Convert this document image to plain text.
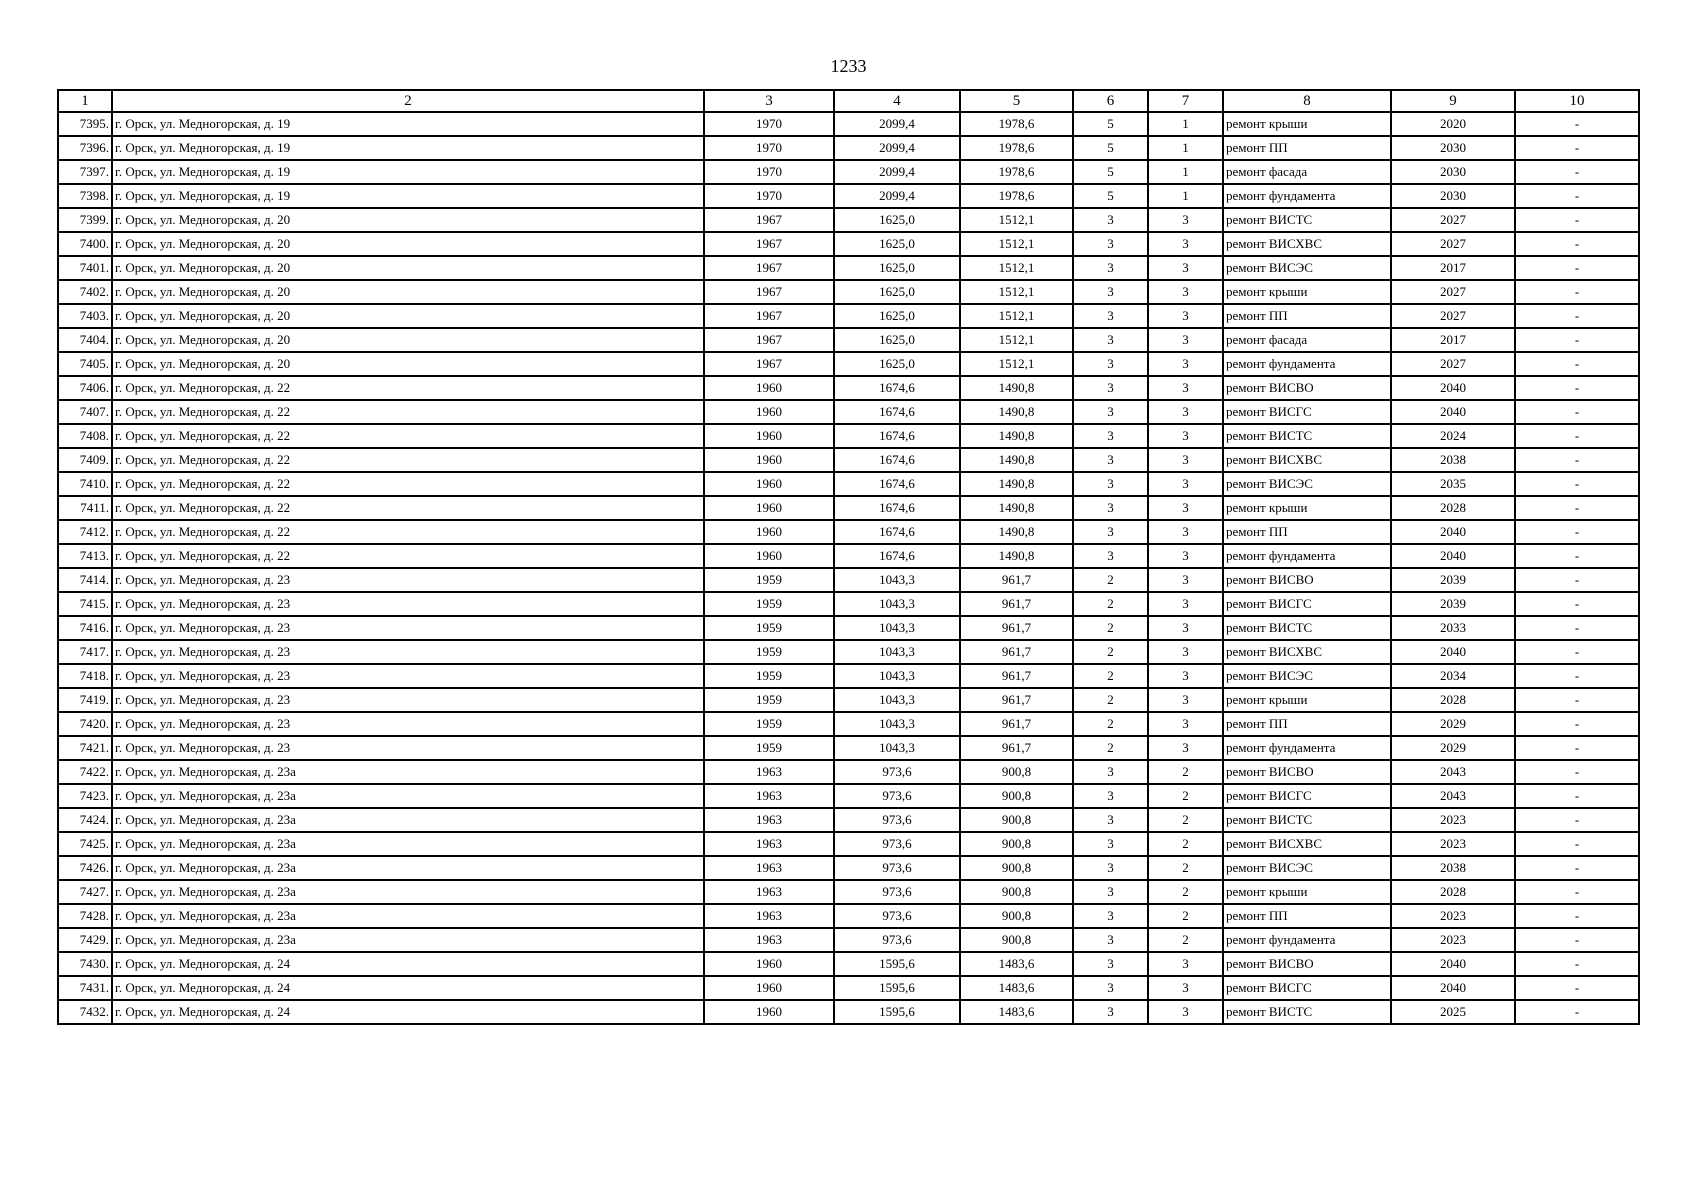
1233
1	2	3	4	5	6	7	8	9	10
7395.	г. Орск, ул. Медногорская, д. 19	1970	2099,4	1978,6	5	1	ремонт крыши	2020	-
7396.	г. Орск, ул. Медногорская, д. 19	1970	2099,4	1978,6	5	1	ремонт ПП	2030	-
7397.	г. Орск, ул. Медногорская, д. 19	1970	2099,4	1978,6	5	1	ремонт фасада	2030	-
7398.	г. Орск, ул. Медногорская, д. 19	1970	2099,4	1978,6	5	1	ремонт фундамента	2030	-
7399.	г. Орск, ул. Медногорская, д. 20	1967	1625,0	1512,1	3	3	ремонт ВИСТС	2027	-
7400.	г. Орск, ул. Медногорская, д. 20	1967	1625,0	1512,1	3	3	ремонт ВИСХВС	2027	-
7401.	г. Орск, ул. Медногорская, д. 20	1967	1625,0	1512,1	3	3	ремонт ВИСЭС	2017	-
7402.	г. Орск, ул. Медногорская, д. 20	1967	1625,0	1512,1	3	3	ремонт крыши	2027	-
7403.	г. Орск, ул. Медногорская, д. 20	1967	1625,0	1512,1	3	3	ремонт ПП	2027	-
7404.	г. Орск, ул. Медногорская, д. 20	1967	1625,0	1512,1	3	3	ремонт фасада	2017	-
7405.	г. Орск, ул. Медногорская, д. 20	1967	1625,0	1512,1	3	3	ремонт фундамента	2027	-
7406.	г. Орск, ул. Медногорская, д. 22	1960	1674,6	1490,8	3	3	ремонт ВИСВО	2040	-
7407.	г. Орск, ул. Медногорская, д. 22	1960	1674,6	1490,8	3	3	ремонт ВИСГС	2040	-
7408.	г. Орск, ул. Медногорская, д. 22	1960	1674,6	1490,8	3	3	ремонт ВИСТС	2024	-
7409.	г. Орск, ул. Медногорская, д. 22	1960	1674,6	1490,8	3	3	ремонт ВИСХВС	2038	-
7410.	г. Орск, ул. Медногорская, д. 22	1960	1674,6	1490,8	3	3	ремонт ВИСЭС	2035	-
7411.	г. Орск, ул. Медногорская, д. 22	1960	1674,6	1490,8	3	3	ремонт крыши	2028	-
7412.	г. Орск, ул. Медногорская, д. 22	1960	1674,6	1490,8	3	3	ремонт ПП	2040	-
7413.	г. Орск, ул. Медногорская, д. 22	1960	1674,6	1490,8	3	3	ремонт фундамента	2040	-
7414.	г. Орск, ул. Медногорская, д. 23	1959	1043,3	961,7	2	3	ремонт ВИСВО	2039	-
7415.	г. Орск, ул. Медногорская, д. 23	1959	1043,3	961,7	2	3	ремонт ВИСГС	2039	-
7416.	г. Орск, ул. Медногорская, д. 23	1959	1043,3	961,7	2	3	ремонт ВИСТС	2033	-
7417.	г. Орск, ул. Медногорская, д. 23	1959	1043,3	961,7	2	3	ремонт ВИСХВС	2040	-
7418.	г. Орск, ул. Медногорская, д. 23	1959	1043,3	961,7	2	3	ремонт ВИСЭС	2034	-
7419.	г. Орск, ул. Медногорская, д. 23	1959	1043,3	961,7	2	3	ремонт крыши	2028	-
7420.	г. Орск, ул. Медногорская, д. 23	1959	1043,3	961,7	2	3	ремонт ПП	2029	-
7421.	г. Орск, ул. Медногорская, д. 23	1959	1043,3	961,7	2	3	ремонт фундамента	2029	-
7422.	г. Орск, ул. Медногорская, д. 23а	1963	973,6	900,8	3	2	ремонт ВИСВО	2043	-
7423.	г. Орск, ул. Медногорская, д. 23а	1963	973,6	900,8	3	2	ремонт ВИСГС	2043	-
7424.	г. Орск, ул. Медногорская, д. 23а	1963	973,6	900,8	3	2	ремонт ВИСТС	2023	-
7425.	г. Орск, ул. Медногорская, д. 23а	1963	973,6	900,8	3	2	ремонт ВИСХВС	2023	-
7426.	г. Орск, ул. Медногорская, д. 23а	1963	973,6	900,8	3	2	ремонт ВИСЭС	2038	-
7427.	г. Орск, ул. Медногорская, д. 23а	1963	973,6	900,8	3	2	ремонт крыши	2028	-
7428.	г. Орск, ул. Медногорская, д. 23а	1963	973,6	900,8	3	2	ремонт ПП	2023	-
7429.	г. Орск, ул. Медногорская, д. 23а	1963	973,6	900,8	3	2	ремонт фундамента	2023	-
7430.	г. Орск, ул. Медногорская, д. 24	1960	1595,6	1483,6	3	3	ремонт ВИСВО	2040	-
7431.	г. Орск, ул. Медногорская, д. 24	1960	1595,6	1483,6	3	3	ремонт ВИСГС	2040	-
7432.	г. Орск, ул. Медногорская, д. 24	1960	1595,6	1483,6	3	3	ремонт ВИСТС	2025	-
